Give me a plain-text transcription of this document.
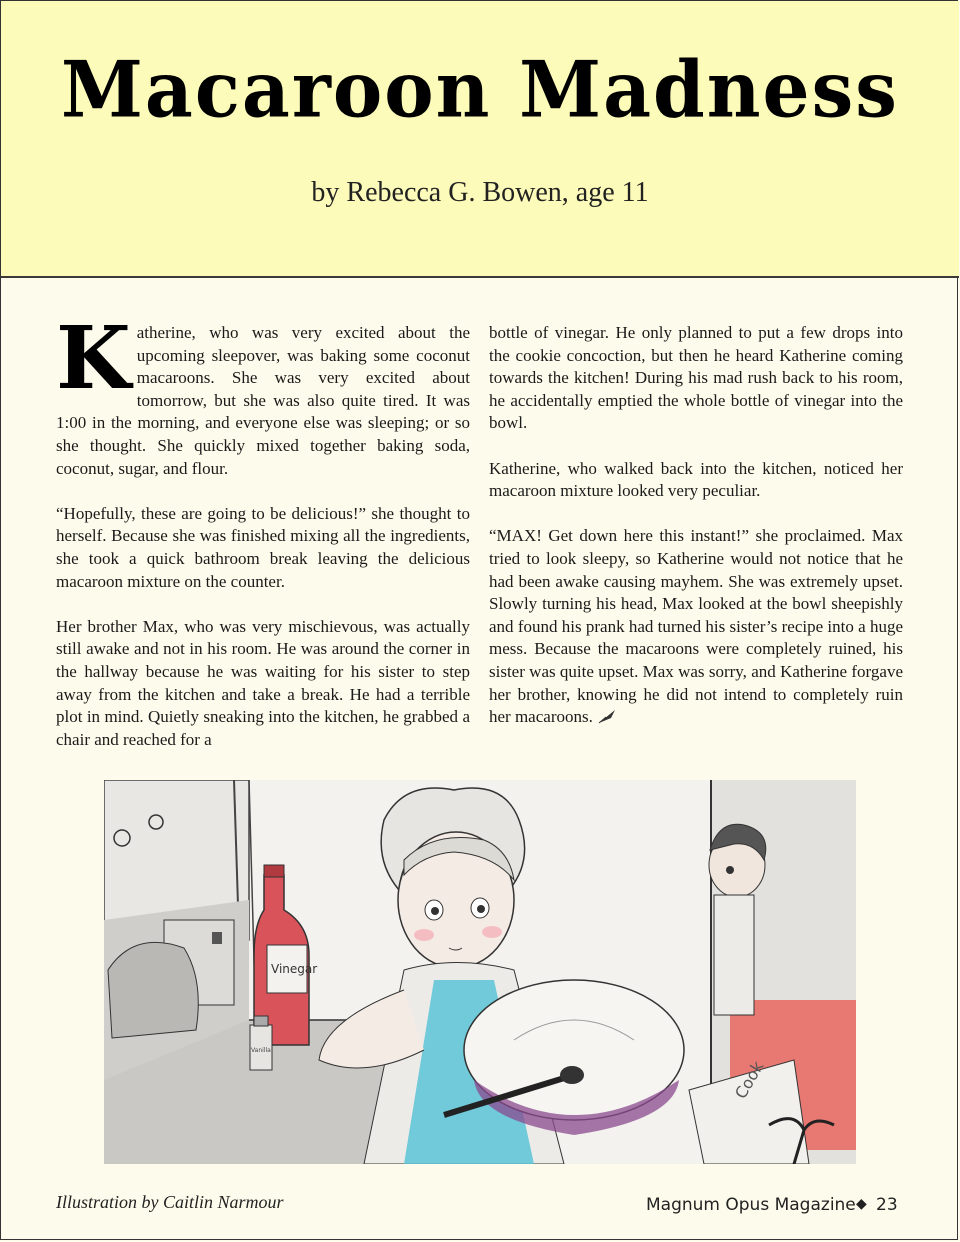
Macaroon Madness
by Rebecca G. Bowen, age 11

Katherine, who was very excited about the upcoming sleepover, was baking some coconut macaroons. She was very excited about tomorrow, but she was also quite tired. It was 1:00 in the morning, and everyone else was sleeping; or so she thought. She quickly mixed together baking soda, coconut, sugar, and flour.

“Hopefully, these are going to be delicious!” she thought to herself. Because she was finished mixing all the ingredients, she took a quick bathroom break leaving the delicious macaroon mixture on the counter.

Her brother Max, who was very mischievous, was actually still awake and not in his room. He was around the corner in the hallway because he was waiting for his sister to step away from the kitchen and take a break. He had a terrible plot in mind. Quietly sneaking into the kitchen, he grabbed a chair and reached for a

bottle of vinegar. He only planned to put a few drops into the cookie concoction, but then he heard Katherine coming towards the kitchen! During his mad rush back to his room, he accidentally emptied the whole bottle of vinegar into the bowl.

Katherine, who walked back into the kitchen, noticed her macaroon mixture looked very peculiar.

“MAX! Get down here this instant!” she proclaimed. Max tried to look sleepy, so Katherine would not notice that he had been awake causing mayhem. She was extremely upset. Slowly turning his head, Max looked at the bowl sheepishly and found his prank had turned his sister’s recipe into a huge mess. Because the macaroons were completely ruined, his sister was quite upset. Max was sorry, and Katherine forgave her brother, knowing he did not intend to completely ruin her macaroons.

Vinegar
Vanilla
Cook
Illustration by Caitlin Narmour	Magnum Opus Magazine ◆ 23
